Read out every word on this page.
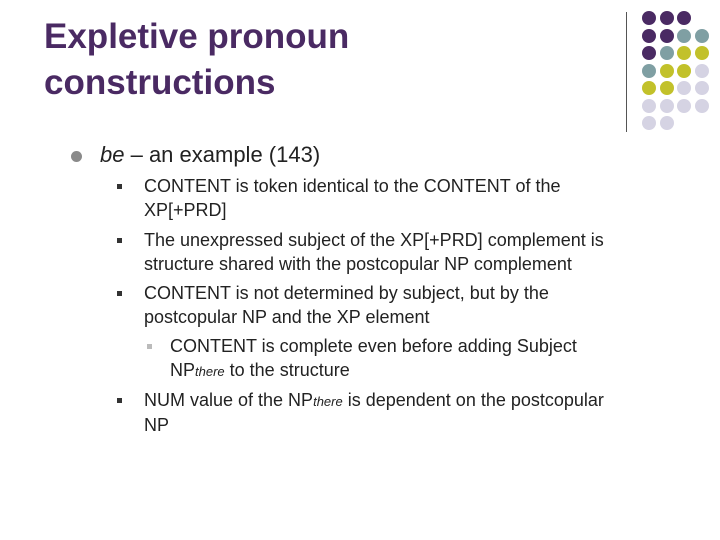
Expletive pronoun
constructions
be – an example (143)
CONTENT is token identical to the CONTENT of the
XP[+PRD]
The unexpressed subject of the XP[+PRD] complement is
structure shared with the postcopular NP complement
CONTENT is not determined by subject, but by the
postcopular NP and the XP element
CONTENT is complete even before adding Subject
NPthere to the structure
NUM value of the NPthere is dependent on the postcopular
NP
